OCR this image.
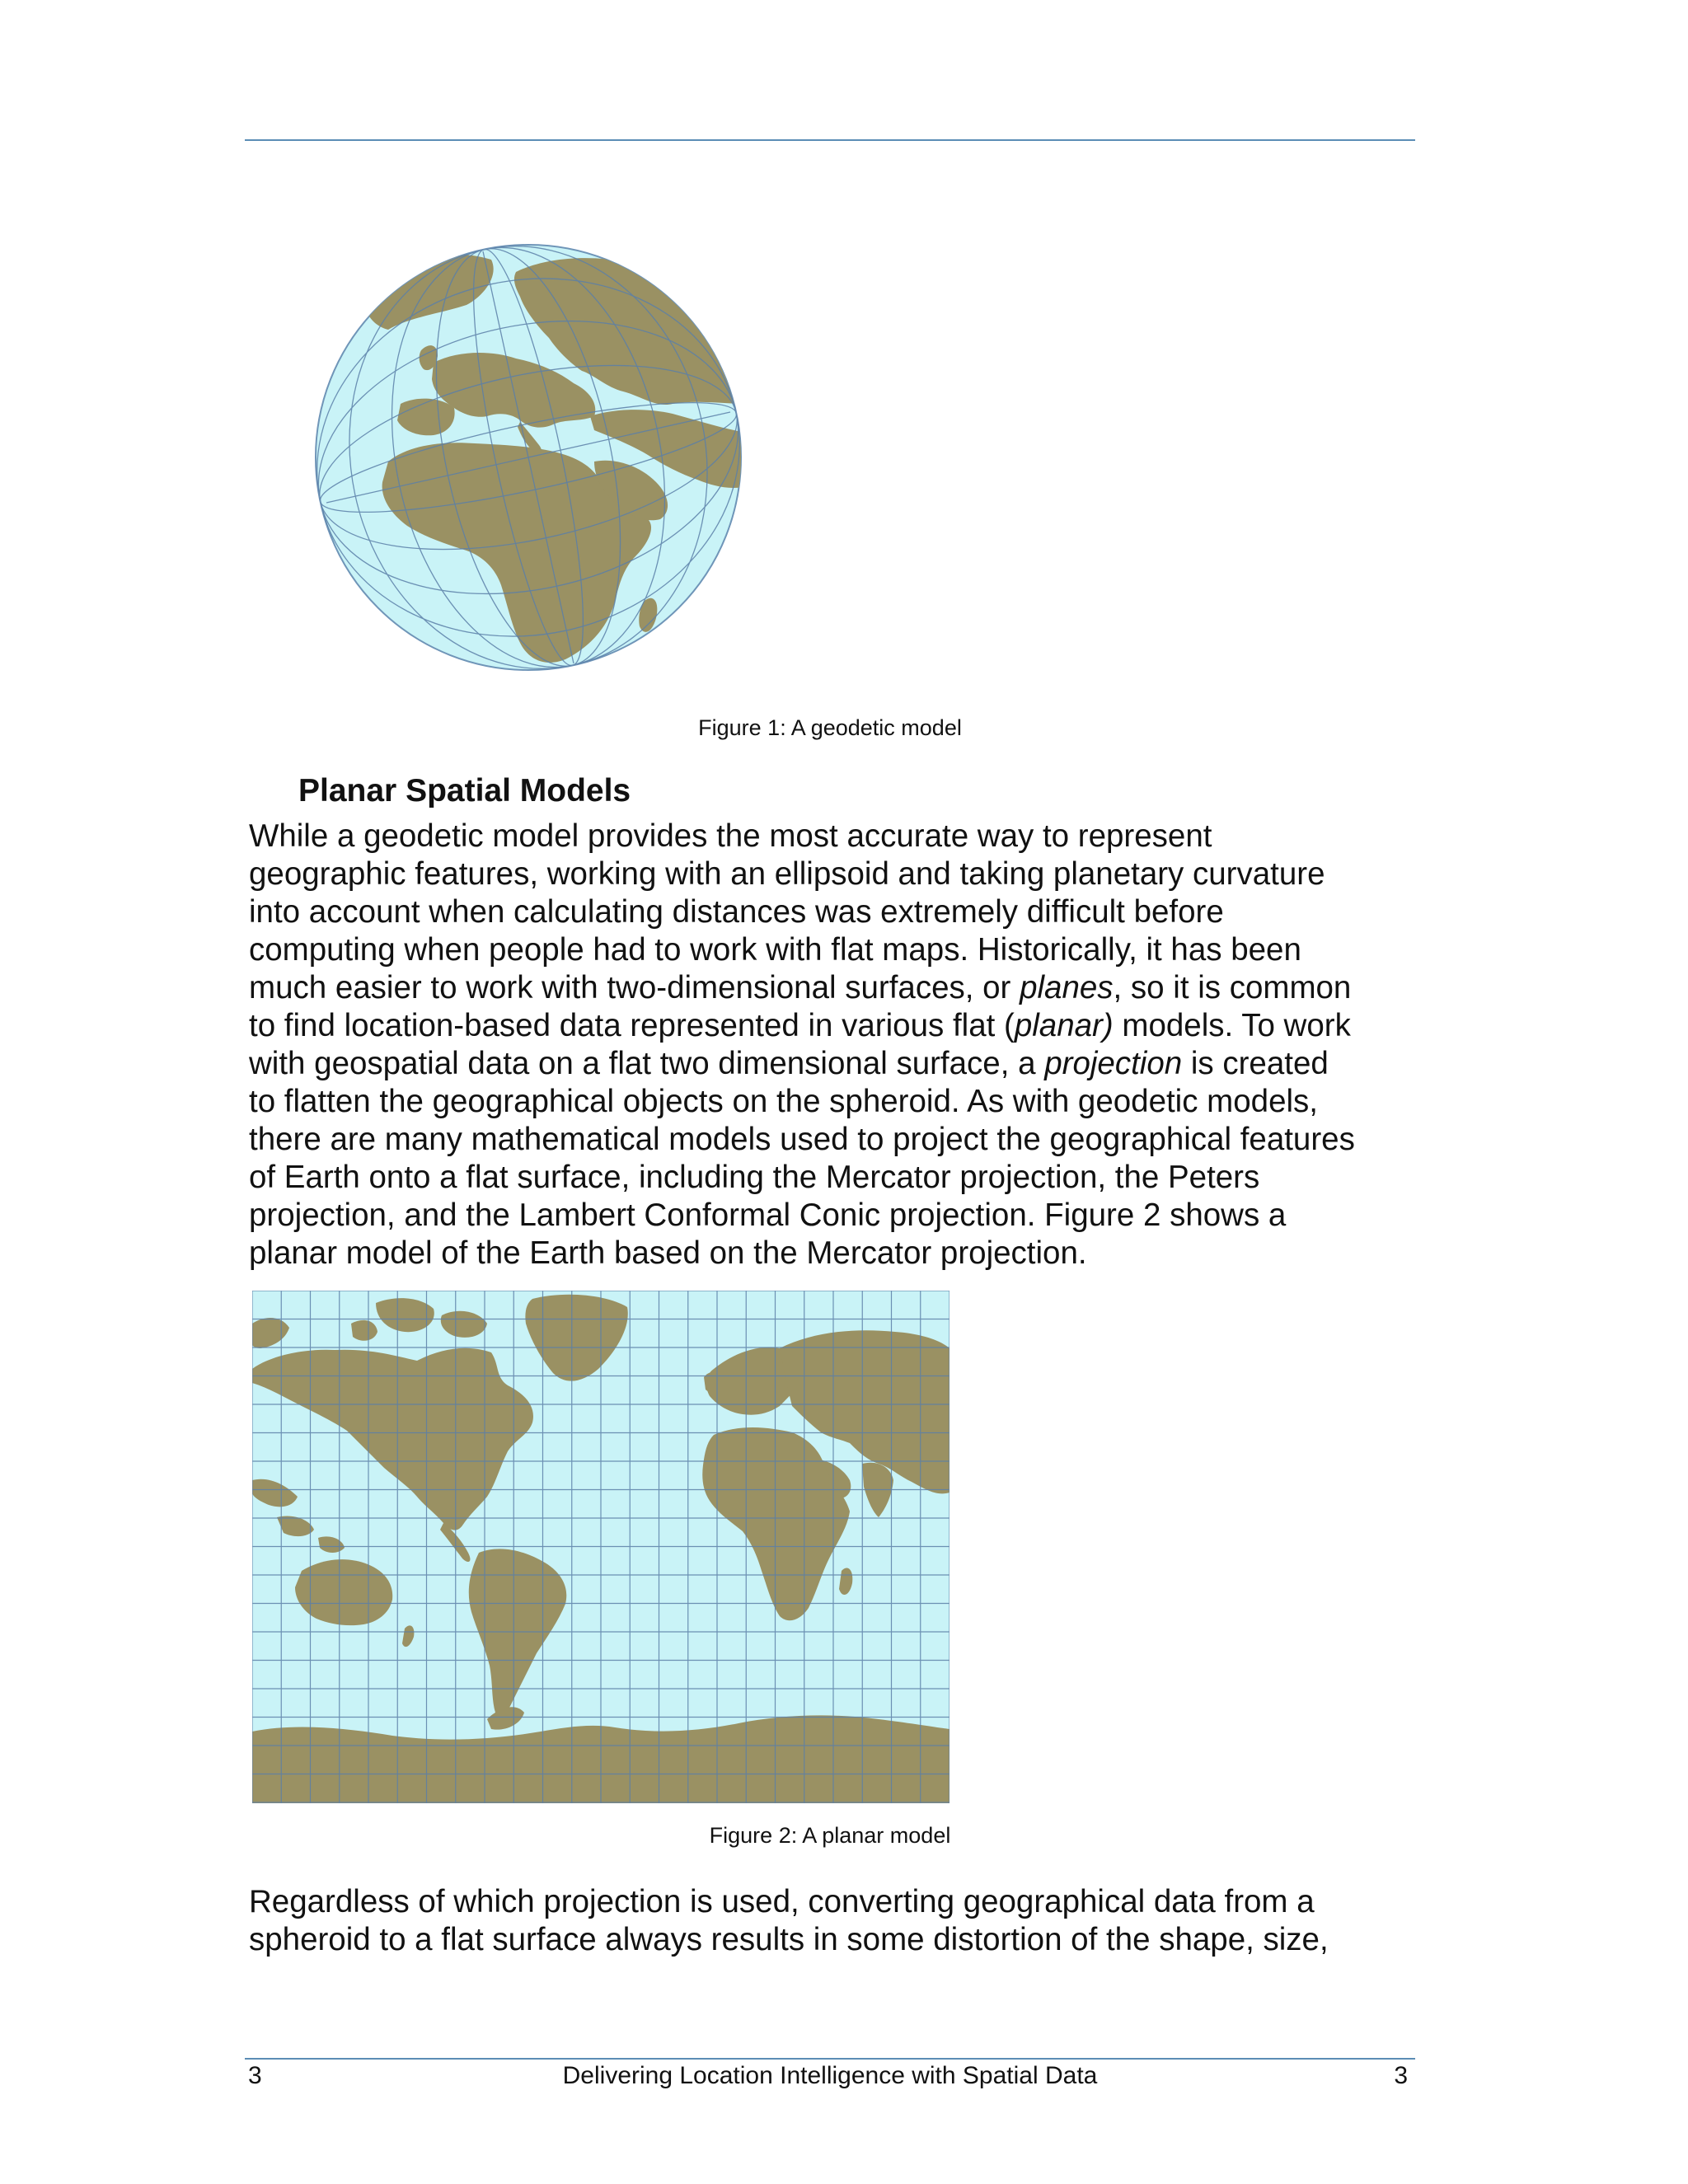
Figure 1: A geodetic model
Planar Spatial Models
While a geodetic model provides the most accurate way to represent
geographic features, working with an ellipsoid and taking planetary curvature
into account when calculating distances was extremely difficult before
computing when people had to work with flat maps. Historically, it has been
much easier to work with two-dimensional surfaces, or planes, so it is common
to find location-based data represented in various flat (planar) models. To work
with geospatial data on a flat two dimensional surface, a projection is created
to flatten the geographical objects on the spheroid. As with geodetic models,
there are many mathematical models used to project the geographical features
of Earth onto a flat surface, including the Mercator projection, the Peters
projection, and the Lambert Conformal Conic projection. Figure 2 shows a
planar model of the Earth based on the Mercator projection.
Figure 2: A planar model
Regardless of which projection is used, converting geographical data from a
spheroid to a flat surface always results in some distortion of the shape, size,
3	Delivering Location Intelligence with Spatial Data	3
